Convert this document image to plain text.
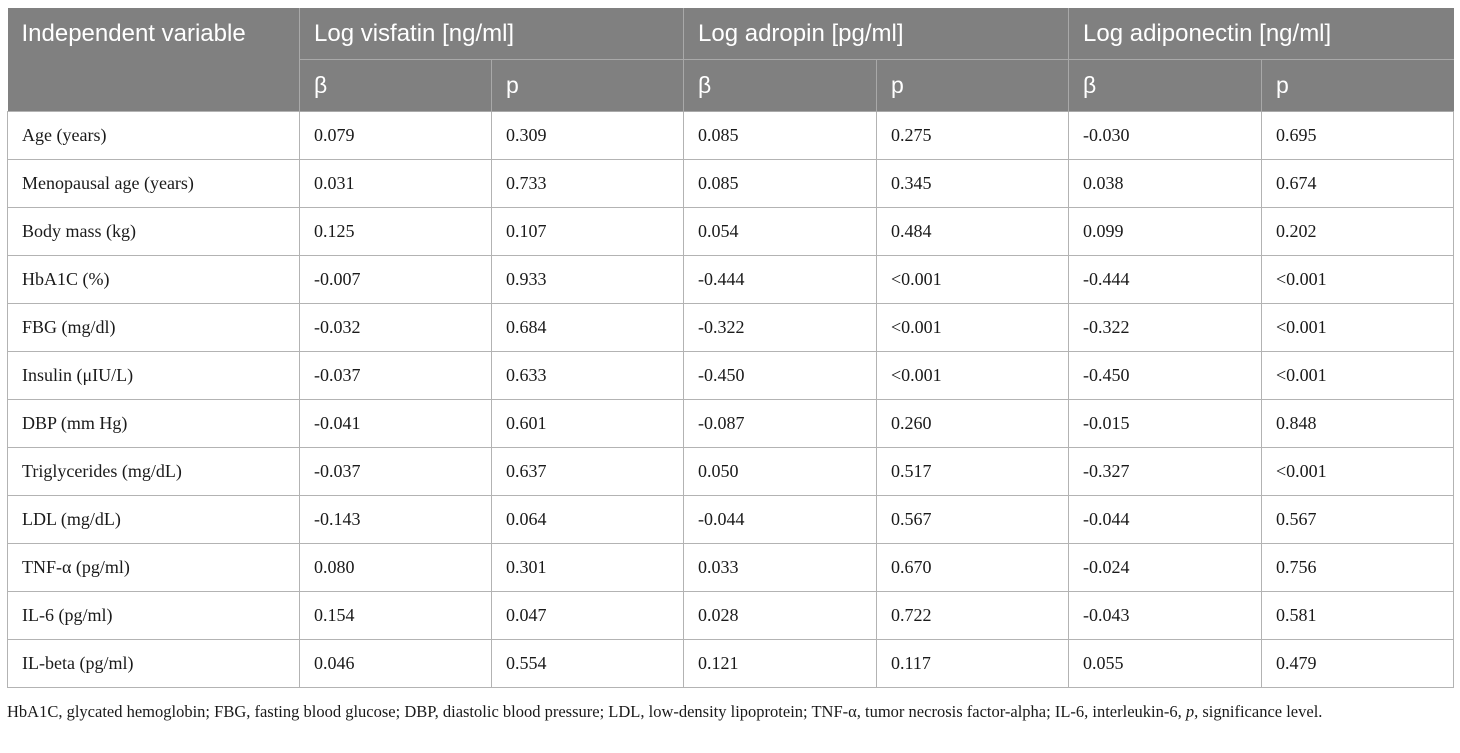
Independent variable	Log visfatin [ng/ml]		Log adropin [pg/ml]		Log adiponectin [ng/ml]	
	β	p	β	p	β	p
Age (years)	0.079	0.309	0.085	0.275	-0.030	0.695
Menopausal age (years)	0.031	0.733	0.085	0.345	0.038	0.674
Body mass (kg)	0.125	0.107	0.054	0.484	0.099	0.202
HbA1C (%)	-0.007	0.933	-0.444	<0.001	-0.444	<0.001
FBG (mg/dl)	-0.032	0.684	-0.322	<0.001	-0.322	<0.001
Insulin (μIU/L)	-0.037	0.633	-0.450	<0.001	-0.450	<0.001
DBP (mm Hg)	-0.041	0.601	-0.087	0.260	-0.015	0.848
Triglycerides (mg/dL)	-0.037	0.637	0.050	0.517	-0.327	<0.001
LDL (mg/dL)	-0.143	0.064	-0.044	0.567	-0.044	0.567
TNF-α (pg/ml)	0.080	0.301	0.033	0.670	-0.024	0.756
IL-6 (pg/ml)	0.154	0.047	0.028	0.722	-0.043	0.581
IL-beta (pg/ml)	0.046	0.554	0.121	0.117	0.055	0.479
HbA1C, glycated hemoglobin; FBG, fasting blood glucose; DBP, diastolic blood pressure; LDL, low-density lipoprotein; TNF-α, tumor necrosis factor-alpha; IL-6, interleukin-6, p, significance level.
